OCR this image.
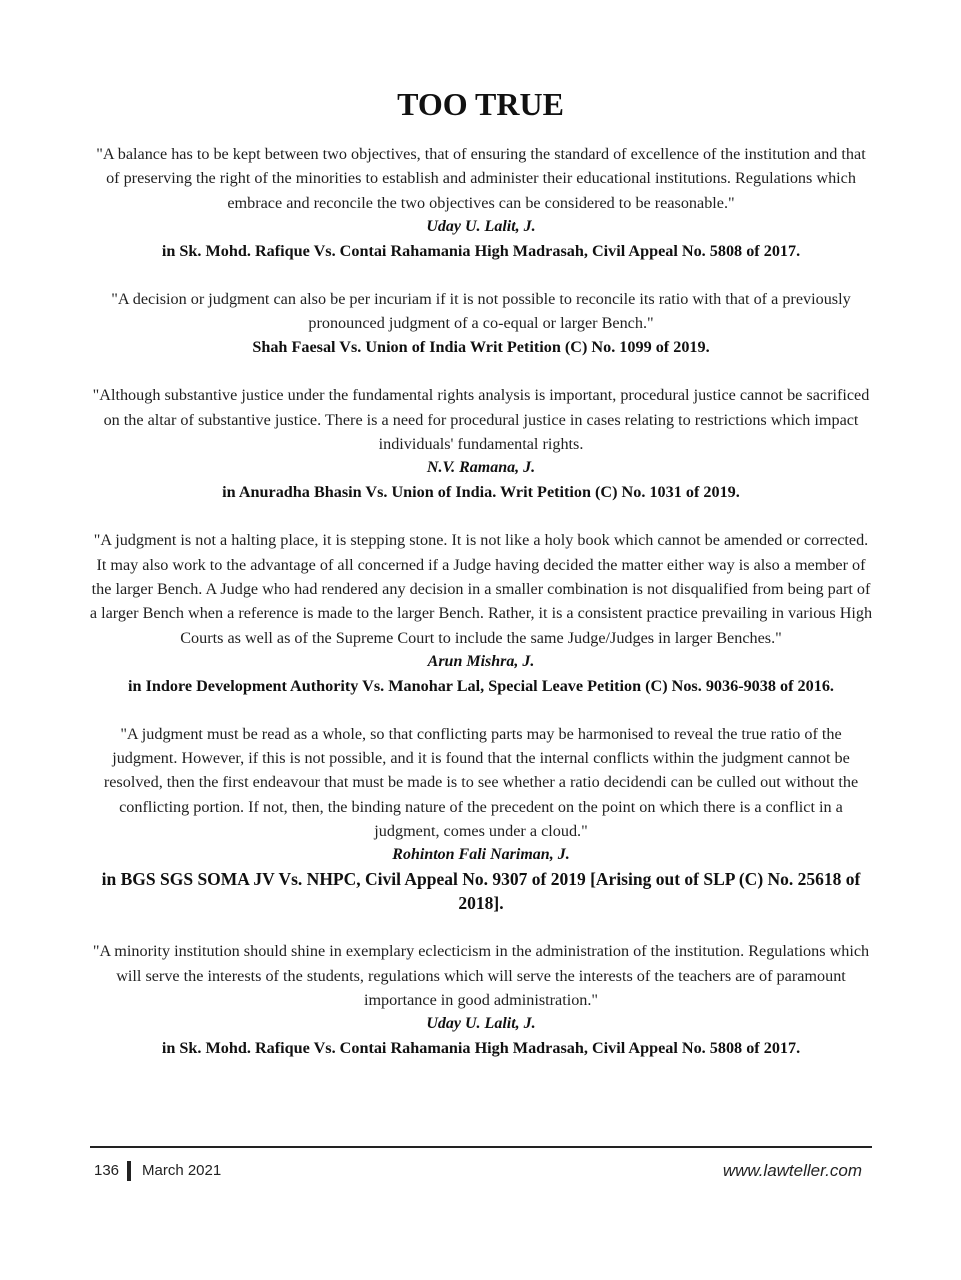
TOO TRUE

"A balance has to be kept between two objectives, that of ensuring the standard of excellence of the institution and that of preserving the right of the minorities to establish and administer their educational institutions. Regulations which embrace and reconcile the two objectives can be considered to be reasonable."

Uday U. Lalit, J.

in Sk. Mohd. Rafique Vs. Contai Rahamania High Madrasah, Civil Appeal No. 5808 of 2017.

"A decision or judgment can also be per incuriam if it is not possible to reconcile its ratio with that of a previously pronounced judgment of a co-equal or larger Bench."

Shah Faesal Vs. Union of India Writ Petition (C) No. 1099 of 2019.

"Although substantive justice under the fundamental rights analysis is important, procedural justice cannot be sacrificed on the altar of substantive justice. There is a need for procedural justice in cases relating to restrictions which impact individuals' fundamental rights.

N.V. Ramana, J.

in Anuradha Bhasin Vs. Union of India. Writ Petition (C) No. 1031 of 2019.

"A judgment is not a halting place, it is stepping stone. It is not like a holy book which cannot be amended or corrected. It may also work to the advantage of all concerned if a Judge having decided the matter either way is also a member of the larger Bench. A Judge who had rendered any decision in a smaller combination is not disqualified from being part of a larger Bench when a reference is made to the larger Bench. Rather, it is a consistent practice prevailing in various High Courts as well as of the Supreme Court to include the same Judge/Judges in larger Benches."

Arun Mishra, J.

in Indore Development Authority Vs. Manohar Lal, Special Leave Petition (C) Nos. 9036-9038 of 2016.

"A judgment must be read as a whole, so that conflicting parts may be harmonised to reveal the true ratio of the judgment. However, if this is not possible, and it is found that the internal conflicts within the judgment cannot be resolved, then the first endeavour that must be made is to see whether a ratio decidendi can be culled out without the conflicting portion. If not, then, the binding nature of the precedent on the point on which there is a conflict in a judgment, comes under a cloud."

Rohinton Fali Nariman, J.

in BGS SGS SOMA JV Vs. NHPC, Civil Appeal No. 9307 of 2019 [Arising out of SLP (C) No. 25618 of 2018].

"A minority institution should shine in exemplary eclecticism in the administration of the institution. Regulations which will serve the interests of the students, regulations which will serve the interests of the teachers are of paramount importance in good administration."

Uday U. Lalit, J.

in Sk. Mohd. Rafique Vs. Contai Rahamania High Madrasah, Civil Appeal No. 5808 of 2017.

136 March 2021	www.lawteller.com
